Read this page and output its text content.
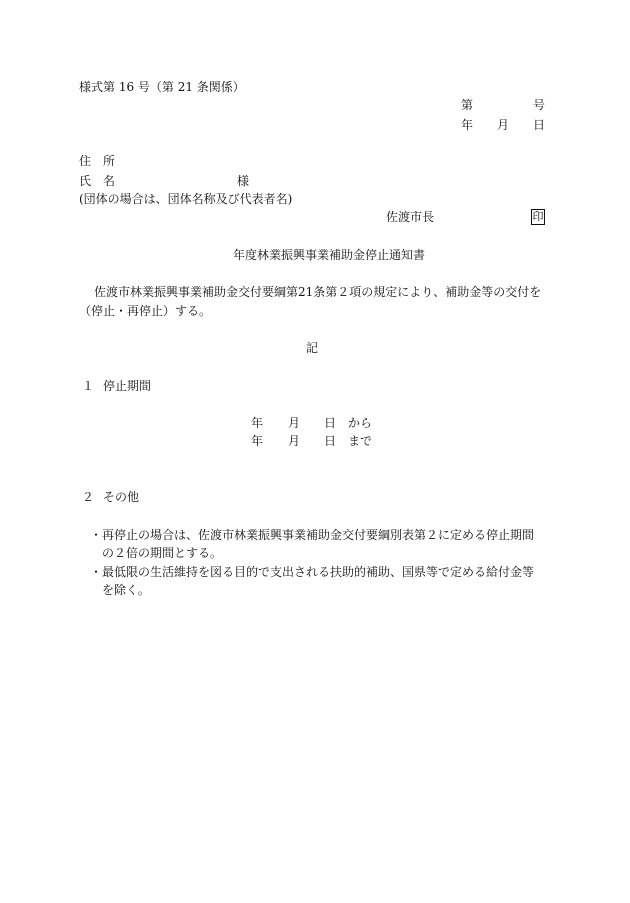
様式第 16 号（第 21 条関係）
第	号
年 月 日
住　所
氏　名	様
(団体の場合は、団体名称及び代表者名)
佐渡市長	印
年度林業振興事業補助金停止通知書
佐渡市林業振興事業補助金交付要綱第21条第２項の規定により、補助金等の交付を
（停止・再停止）する。
記
１ 停止期間
年 月 日 から
年 月 日 まで
２ その他
・ 再停止の場合は、佐渡市林業振興事業補助金交付要綱別表第２に定める停止期間
の２倍の期間とする。
・ 最低限の生活維持を図る目的で支出される扶助的補助、国県等で定める給付金等
を除く。
